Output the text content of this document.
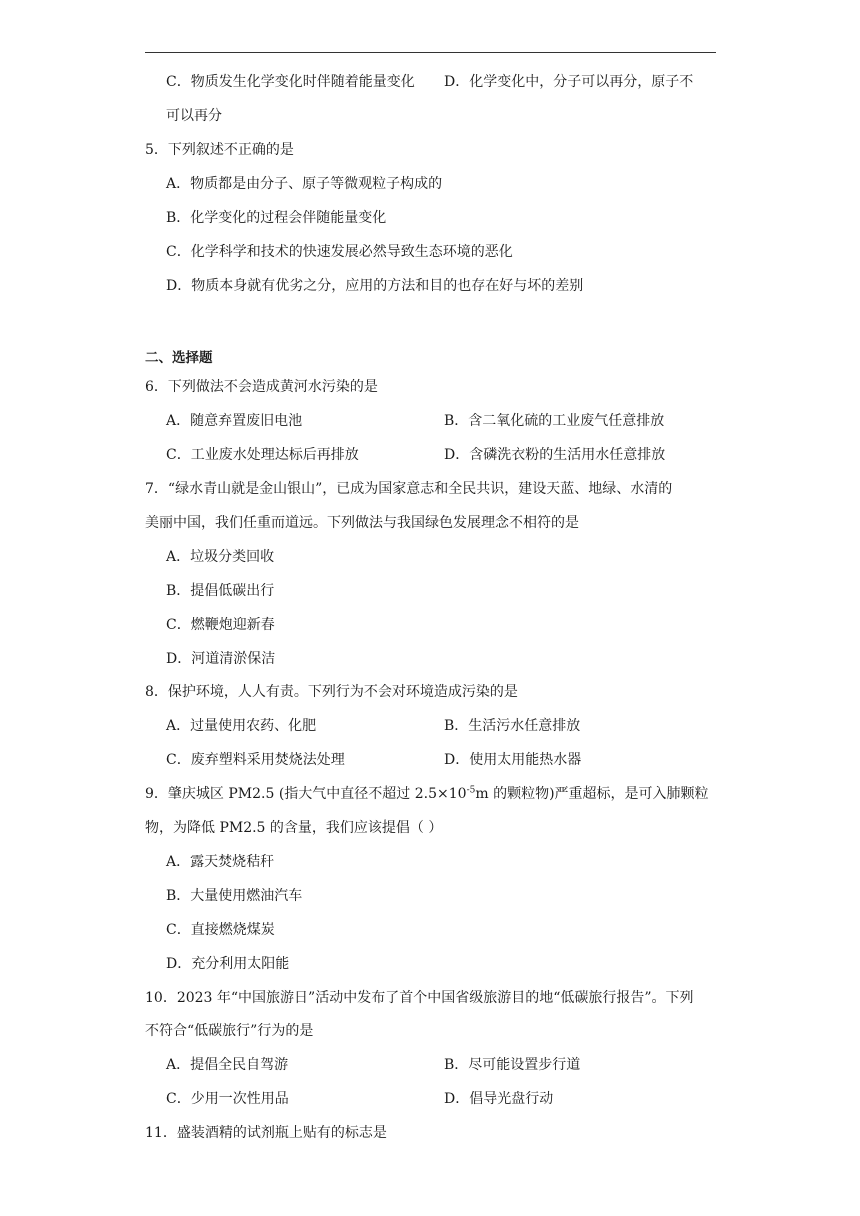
C．物质发生化学变化时伴随着能量变化 D．化学变化中，分子可以再分，原子不
可以再分
5．下列叙述不正确的是
A．物质都是由分子、原子等微观粒子构成的
B．化学变化的过程会伴随能量变化
C．化学科学和技术的快速发展必然导致生态环境的恶化
D．物质本身就有优劣之分，应用的方法和目的也存在好与坏的差别
二、选择题
6．下列做法不会造成黄河水污染的是
A．随意弃置废旧电池	B．含二氧化硫的工业废气任意排放
C．工业废水处理达标后再排放	D．含磷洗衣粉的生活用水任意排放
7．“绿水青山就是金山银山”，已成为国家意志和全民共识，建设天蓝、地绿、水清的
美丽中国，我们任重而道远。下列做法与我国绿色发展理念不相符的是
A．垃圾分类回收
B．提倡低碳出行
C．燃鞭炮迎新春
D．河道清淤保洁
8．保护环境，人人有责。下列行为不会对环境造成污染的是
A．过量使用农药、化肥	B．生活污水任意排放
C．废弃塑料采用焚烧法处理	D．使用太用能热水器
9．肇庆城区 PM2.5 (指大气中直径不超过 $2.5\times 10^{-5}m$ 的颗粒物)严重超标，是可入肺颗粒
物，为降低 PM2.5 的含量，我们应该提倡（ ）
A．露天焚烧秸秆
B．大量使用燃油汽车
C．直接燃烧煤炭
D．充分利用太阳能
10．2023 年“中国旅游日”活动中发布了首个中国省级旅游目的地“低碳旅行报告”。下列
不符合“低碳旅行”行为的是
A．提倡全民自驾游	B．尽可能设置步行道
C．少用一次性用品	D．倡导光盘行动
11．盛装酒精的试剂瓶上贴有的标志是
